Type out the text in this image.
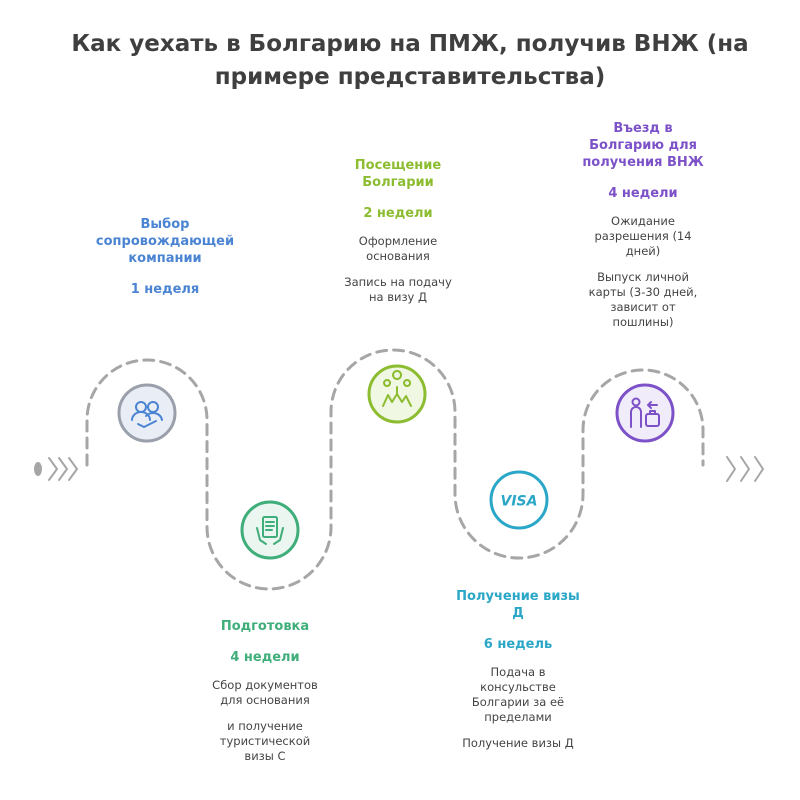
Как уехать в Болгарию на ПМЖ, получив ВНЖ (на
примере представительства)
VISA
Выбор
сопровождающей
компании
1 неделя
Подготовка
4 недели
Сбор документов
для основания
и получение
туристической
визы С
Посещение
Болгарии
2 недели
Оформление
основания
Запись на подачу
на визу Д
Получение визы
Д
6 недель
Подача в
консульстве
Болгарии за её
пределами
Получение визы Д
Въезд в
Болгарию для
получения ВНЖ
4 недели
Ожидание
разрешения (14
дней)
Выпуск личной
карты (3-30 дней,
зависит от
пошлины)
